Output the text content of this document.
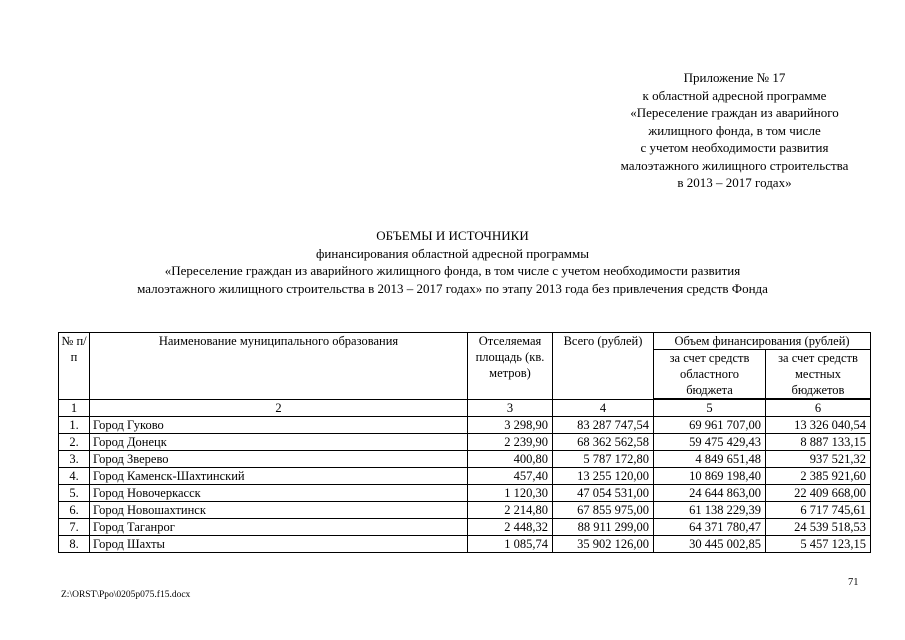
Приложение № 17
к областной адресной программе
«Переселение граждан из аварийного
жилищного фонда, в том числе
с учетом необходимости развития
малоэтажного жилищного строительства
в 2013 – 2017 годах»
ОБЪЕМЫ И ИСТОЧНИКИ
финансирования областной адресной программы
«Переселение граждан из аварийного жилищного фонда, в том числе с учетом необходимости развития
малоэтажного жилищного строительства в 2013 – 2017 годах» по этапу 2013 года без привлечения средств Фонда
№ п/п	Наименование муниципального образования	Отселяемая площадь (кв. метров)	Всего (рублей)	Объем финансирования (рублей)	
				за счет средств областного бюджета	за счет средств местных бюджетов
1	2	3	4	5	6
1.	Город Гуково	3 298,90	83 287 747,54	69 961 707,00	13 326 040,54
2.	Город Донецк	2 239,90	68 362 562,58	59 475 429,43	8 887 133,15
3.	Город Зверево	400,80	5 787 172,80	4 849 651,48	937 521,32
4.	Город Каменск-Шахтинский	457,40	13 255 120,00	10 869 198,40	2 385 921,60
5.	Город Новочеркасск	1 120,30	47 054 531,00	24 644 863,00	22 409 668,00
6.	Город Новошахтинск	2 214,80	67 855 975,00	61 138 229,39	6 717 745,61
7.	Город Таганрог	2 448,32	88 911 299,00	64 371 780,47	24 539 518,53
8.	Город Шахты	1 085,74	35 902 126,00	30 445 002,85	5 457 123,15
71
Z:\ORST\Ppo\0205p075.f15.docx
